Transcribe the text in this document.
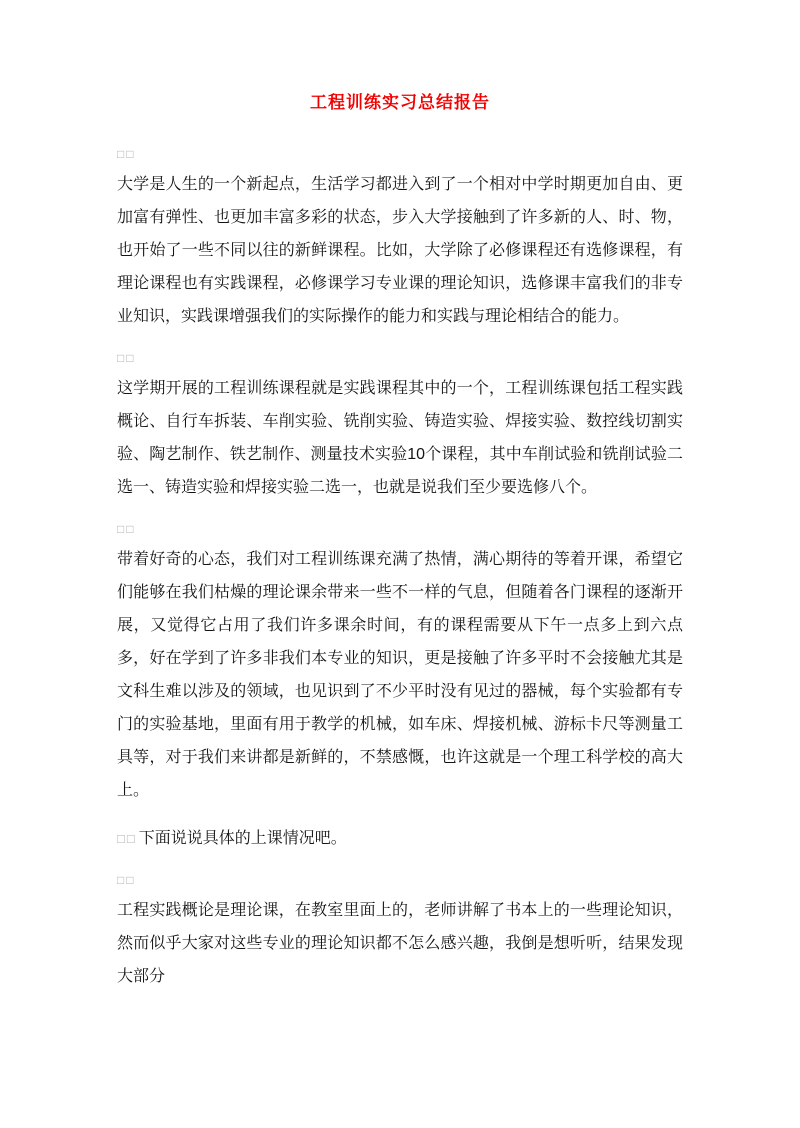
工程训练实习总结报告
□□

大学是人生的一个新起点，生活学习都进入到了一个相对中学时期更加自由、更加富有弹性、也更加丰富多彩的状态，步入大学接触到了许多新的人、时、物，也开始了一些不同以往的新鲜课程。比如，大学除了必修课程还有选修课程，有理论课程也有实践课程，必修课学习专业课的理论知识，选修课丰富我们的非专业知识，实践课增强我们的实际操作的能力和实践与理论相结合的能力。

□□

这学期开展的工程训练课程就是实践课程其中的一个，工程训练课包括工程实践概论、自行车拆装、车削实验、铣削实验、铸造实验、焊接实验、数控线切割实验、陶艺制作、铁艺制作、测量技术实验10个课程，其中车削试验和铣削试验二选一、铸造实验和焊接实验二选一，也就是说我们至少要选修八个。

□□

带着好奇的心态，我们对工程训练课充满了热情，满心期待的等着开课，希望它们能够在我们枯燥的理论课余带来一些不一样的气息，但随着各门课程的逐渐开展，又觉得它占用了我们许多课余时间，有的课程需要从下午一点多上到六点多，好在学到了许多非我们本专业的知识，更是接触了许多平时不会接触尤其是文科生难以涉及的领域，也见识到了不少平时没有见过的器械，每个实验都有专门的实验基地，里面有用于教学的机械，如车床、焊接机械、游标卡尺等测量工具等，对于我们来讲都是新鲜的，不禁感慨，也许这就是一个理工科学校的高大上。

□□ 下面说说具体的上课情况吧。

□□

工程实践概论是理论课，在教室里面上的，老师讲解了书本上的一些理论知识，然而似乎大家对这些专业的理论知识都不怎么感兴趣，我倒是想听听，结果发现大部分
